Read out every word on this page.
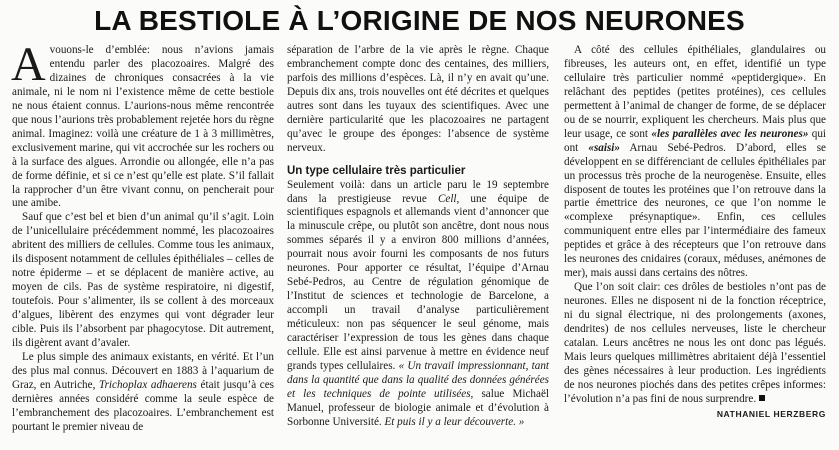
LA BESTIOLE À L’ORIGINE DE NOS NEURONES

Avouons-le d’emblée: nous n’avions jamais entendu parler des placozoaires. Malgré des dizaines de chroniques consacrées à la vie animale, ni le nom ni l’existence même de cette bestiole ne nous étaient connus. L’aurions-nous même rencontrée que nous l’aurions très probablement rejetée hors du règne animal. Imaginez: voilà une créature de 1 à 3 millimètres, exclusivement marine, qui vit accrochée sur les rochers ou à la surface des algues. Arrondie ou allongée, elle n’a pas de forme définie, et si ce n’est qu’elle est plate. S’il fallait la rapprocher d’un être vivant connu, on pencherait pour une amibe.

Sauf que c’est bel et bien d’un animal qu’il s’agit. Loin de l’unicellulaire précédemment nommé, les placozoaires abritent des milliers de cellules. Comme tous les animaux, ils disposent notamment de cellules épithéliales – celles de notre épiderme – et se déplacent de manière active, au moyen de cils. Pas de système respiratoire, ni digestif, toutefois. Pour s’alimenter, ils se collent à des morceaux d’algues, libèrent des enzymes qui vont dégrader leur cible. Puis ils l’absorbent par phagocytose. Dit autrement, ils digèrent avant d’avaler.

Le plus simple des animaux existants, en vérité. Et l’un des plus mal connus. Découvert en 1883 à l’aquarium de Graz, en Autriche, Trichoplax adhaerens était jusqu’à ces dernières années considéré comme la seule espèce de l’embranchement des placozoaires. L’embranchement est pourtant le premier niveau de

séparation de l’arbre de la vie après le règne. Chaque embranchement compte donc des centaines, des milliers, parfois des millions d’espèces. Là, il n’y en avait qu’une. Depuis dix ans, trois nouvelles ont été décrites et quelques autres sont dans les tuyaux des scientifiques. Avec une dernière particularité que les placozoaires ne partagent qu’avec le groupe des éponges: l’absence de système nerveux.

Un type cellulaire très particulier

Seulement voilà: dans un article paru le 19 septembre dans la prestigieuse revue Cell, une équipe de scientifiques espagnols et allemands vient d’annoncer que la minuscule crêpe, ou plutôt son ancêtre, dont nous nous sommes séparés il y a environ 800 millions d’années, pourrait nous avoir fourni les composants de nos futurs neurones. Pour apporter ce résultat, l’équipe d’Arnau Sebé-Pedros, au Centre de régulation génomique de l’Institut de sciences et technologie de Barcelone, a accompli un travail d’analyse particulièrement méticuleux: non pas séquencer le seul génome, mais caractériser l’expression de tous les gènes dans chaque cellule. Elle est ainsi parvenue à mettre en évidence neuf grands types cellulaires. « Un travail impressionnant, tant dans la quantité que dans la qualité des données générées et les techniques de pointe utilisées, salue Michaël Manuel, professeur de biologie animale et d’évolution à Sorbonne Université. Et puis il y a leur découverte. »

A côté des cellules épithéliales, glandulaires ou fibreuses, les auteurs ont, en effet, identifié un type cellulaire très particulier nommé «peptidergique». En relâchant des peptides (petites protéines), ces cellules permettent à l’animal de changer de forme, de se déplacer ou de se nourrir, expliquent les chercheurs. Mais plus que leur usage, ce sont «les parallèles avec les neurones» qui ont «saisi» Arnau Sebé-Pedros. D’abord, elles se développent en se différenciant de cellules épithéliales par un processus très proche de la neurogenèse. Ensuite, elles disposent de toutes les protéines que l’on retrouve dans la partie émettrice des neurones, ce que l’on nomme le «complexe présynaptique». Enfin, ces cellules communiquent entre elles par l’intermédiaire des fameux peptides et grâce à des récepteurs que l’on retrouve dans les neurones des cnidaires (coraux, méduses, anémones de mer), mais aussi dans certains des nôtres.

Que l’on soit clair: ces drôles de bestioles n’ont pas de neurones. Elles ne disposent ni de la fonction réceptrice, ni du signal électrique, ni des prolongements (axones, dendrites) de nos cellules nerveuses, liste le chercheur catalan. Leurs ancêtres ne nous les ont donc pas légués. Mais leurs quelques millimètres abritaient déjà l’essentiel des gènes nécessaires à leur production. Les ingrédients de nos neurones piochés dans des petites crêpes informes: l’évolution n’a pas fini de nous surprendre.

NATHANIEL HERZBERG
